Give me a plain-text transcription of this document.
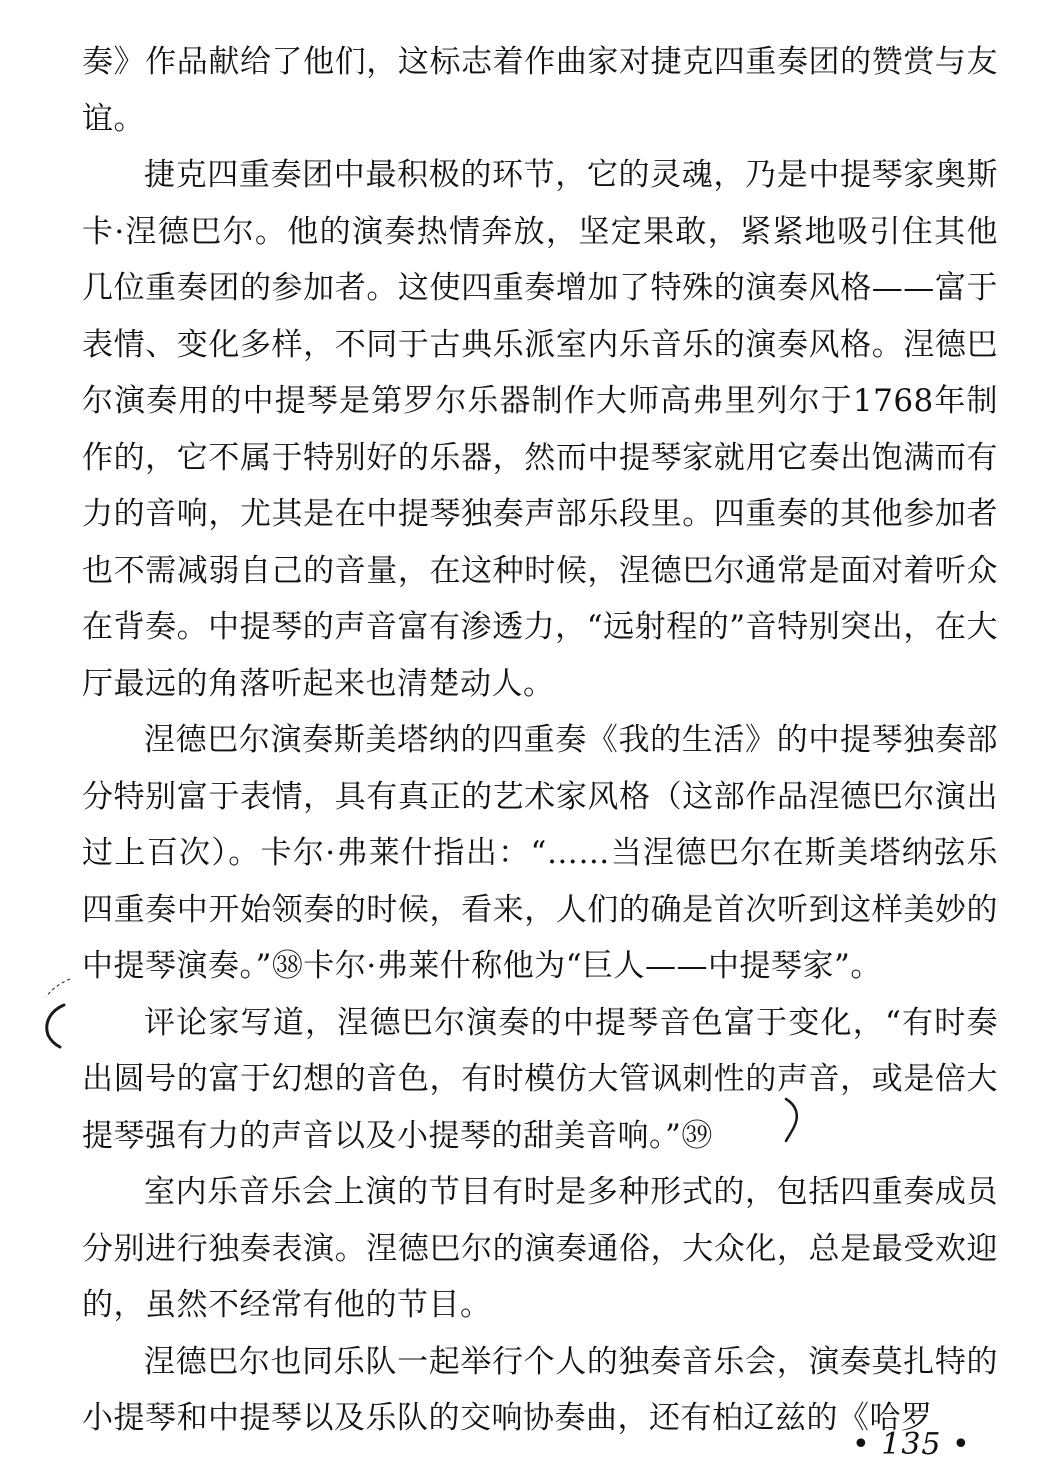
奏》作品献给了他们，这标志着作曲家对捷克四重奏团的赞赏与友谊。

捷克四重奏团中最积极的环节，它的灵魂，乃是中提琴家奥斯卡·涅德巴尔。他的演奏热情奔放，坚定果敢，紧紧地吸引住其他几位重奏团的参加者。这使四重奏增加了特殊的演奏风格——富于表情、变化多样，不同于古典乐派室内乐音乐的演奏风格。涅德巴尔演奏用的中提琴是第罗尔乐器制作大师高弗里列尔于1768年制作的，它不属于特别好的乐器，然而中提琴家就用它奏出饱满而有力的音响，尤其是在中提琴独奏声部乐段里。四重奏的其他参加者也不需减弱自己的音量，在这种时候，涅德巴尔通常是面对着听众在背奏。中提琴的声音富有渗透力，“远射程的”音特别突出，在大厅最远的角落听起来也清楚动人。

涅德巴尔演奏斯美塔纳的四重奏《我的生活》的中提琴独奏部分特别富于表情，具有真正的艺术家风格（这部作品涅德巴尔演出过上百次）。卡尔·弗莱什指出：“……当涅德巴尔在斯美塔纳弦乐四重奏中开始领奏的时候，看来，人们的确是首次听到这样美妙的中提琴演奏。”㊳卡尔·弗莱什称他为“巨人——中提琴家”。

评论家写道，涅德巴尔演奏的中提琴音色富于变化，“有时奏出圆号的富于幻想的音色，有时模仿大管讽刺性的声音，或是倍大提琴强有力的声音以及小提琴的甜美音响。”㊴

室内乐音乐会上演的节目有时是多种形式的，包括四重奏成员分别进行独奏表演。涅德巴尔的演奏通俗，大众化，总是最受欢迎的，虽然不经常有他的节目。

涅德巴尔也同乐队一起举行个人的独奏音乐会，演奏莫扎特的小提琴和中提琴以及乐队的交响协奏曲，还有柏辽兹的《哈罗

• 135 •
